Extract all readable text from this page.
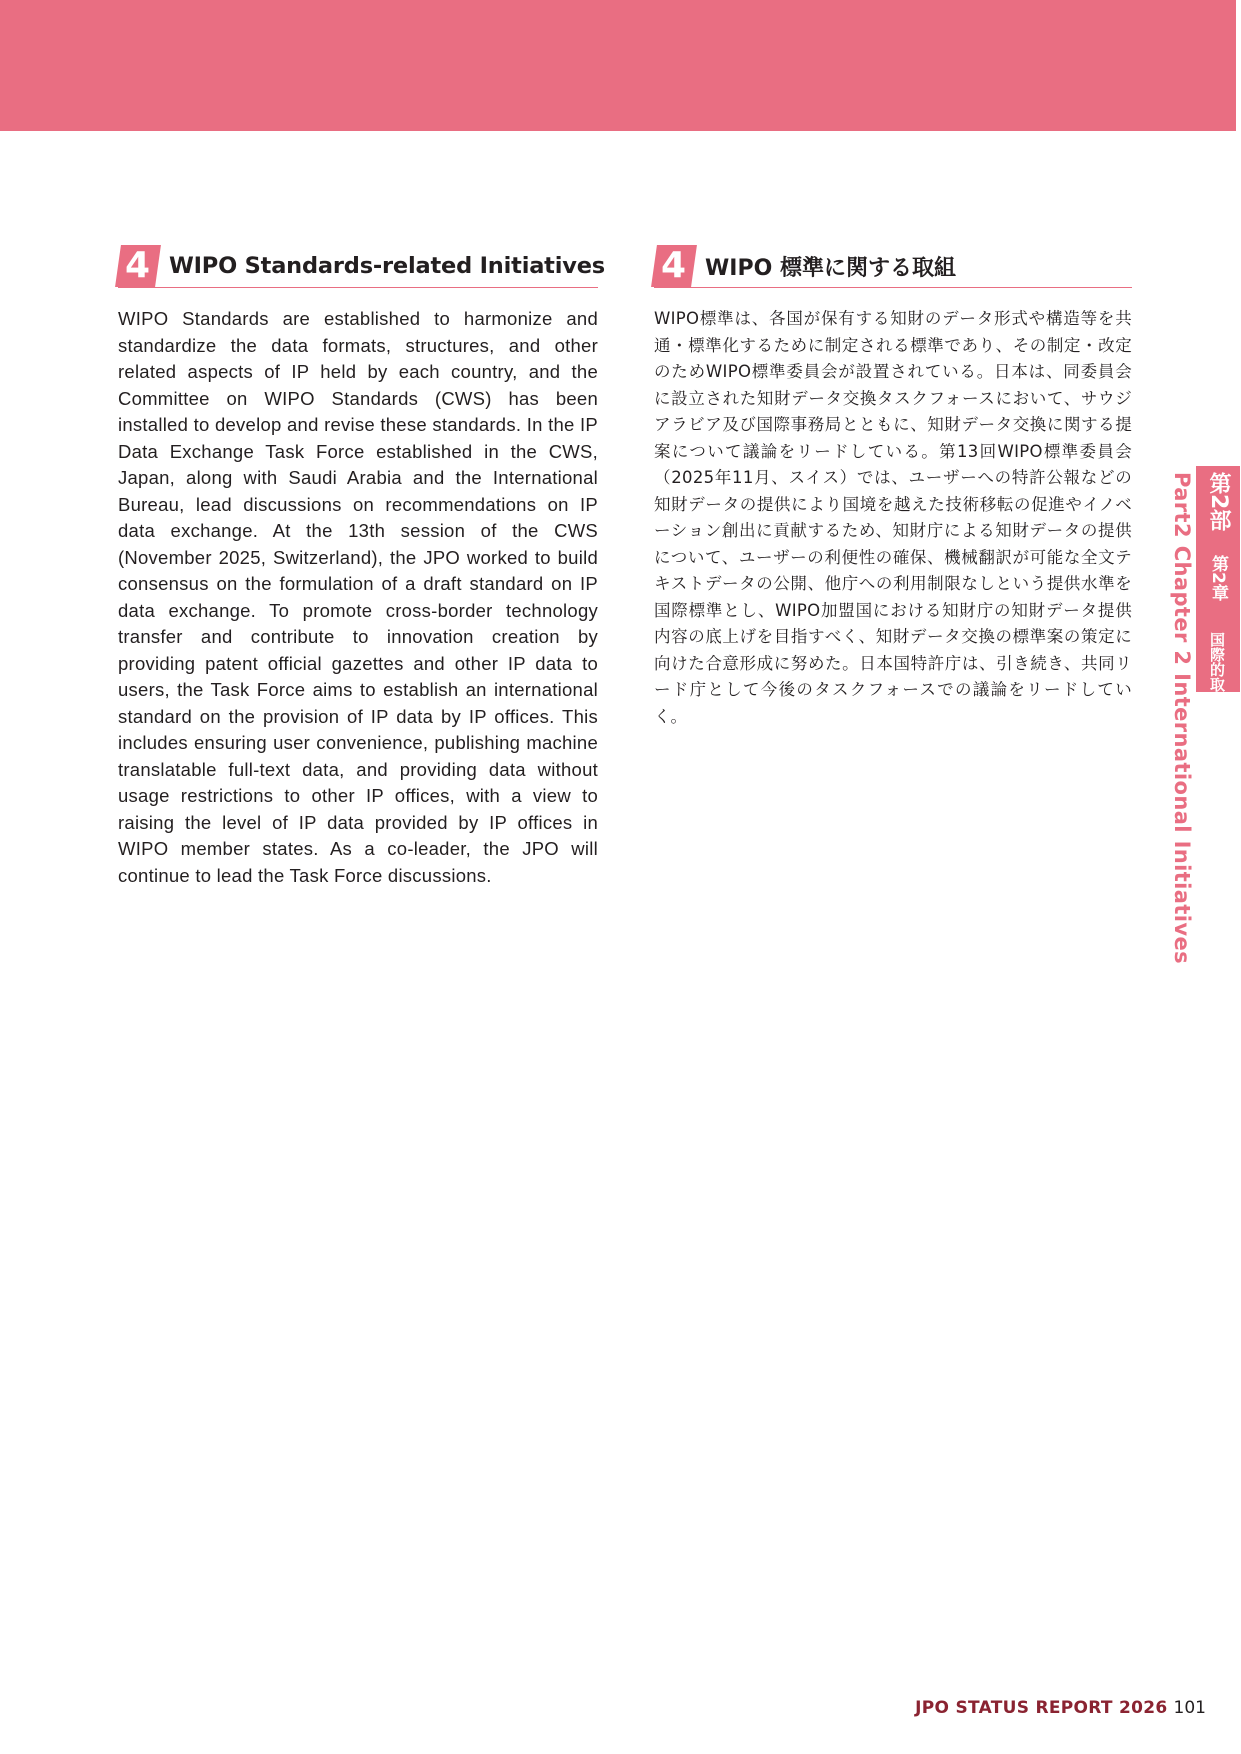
4 WIPO Standards-related Initiatives
WIPO Standards are established to harmonize and standardize the data formats, structures, and other related aspects of IP held by each country, and the Committee on WIPO Standards (CWS) has been installed to develop and revise these standards. In the IP Data Exchange Task Force established in the CWS, Japan, along with Saudi Arabia and the International Bureau, lead discussions on recommendations on IP data exchange. At the 13th session of the CWS (November 2025, Switzerland), the JPO worked to build consensus on the formulation of a draft standard on IP data exchange. To promote cross-border technology transfer and contribute to innovation creation by providing patent official gazettes and other IP data to users, the Task Force aims to establish an international standard on the provision of IP data by IP offices. This includes ensuring user convenience, publishing machine translatable full-text data, and providing data without usage restrictions to other IP offices, with a view to raising the level of IP data provided by IP offices in WIPO member states. As a co-leader, the JPO will continue to lead the Task Force discussions.
4 WIPO 標準に関する取組
WIPO標準は、各国が保有する知財のデータ形式や構造等を共通・標準化するために制定される標準であり、その制定・改定のためWIPO標準委員会が設置されている。日本は、同委員会に設立された知財データ交換タスクフォースにおいて、サウジアラビア及び国際事務局とともに、知財データ交換に関する提案について議論をリードしている。第13回WIPO標準委員会（2025年11月、スイス）では、ユーザーへの特許公報などの知財データの提供により国境を越えた技術移転の促進やイノベーション創出に貢献するため、知財庁による知財データの提供について、ユーザーの利便性の確保、機械翻訳が可能な全文テキストデータの公開、他庁への利用制限なしという提供水準を国際標準とし、WIPO加盟国における知財庁の知財データ提供内容の底上げを目指すべく、知財データ交換の標準案の策定に向けた合意形成に努めた。日本国特許庁は、引き続き、共同リード庁として今後のタスクフォースでの議論をリードしていく。
第2部
第2章
国際的取組
Part2 Chapter 2 International Initiatives
JPO STATUS REPORT 2026 101
